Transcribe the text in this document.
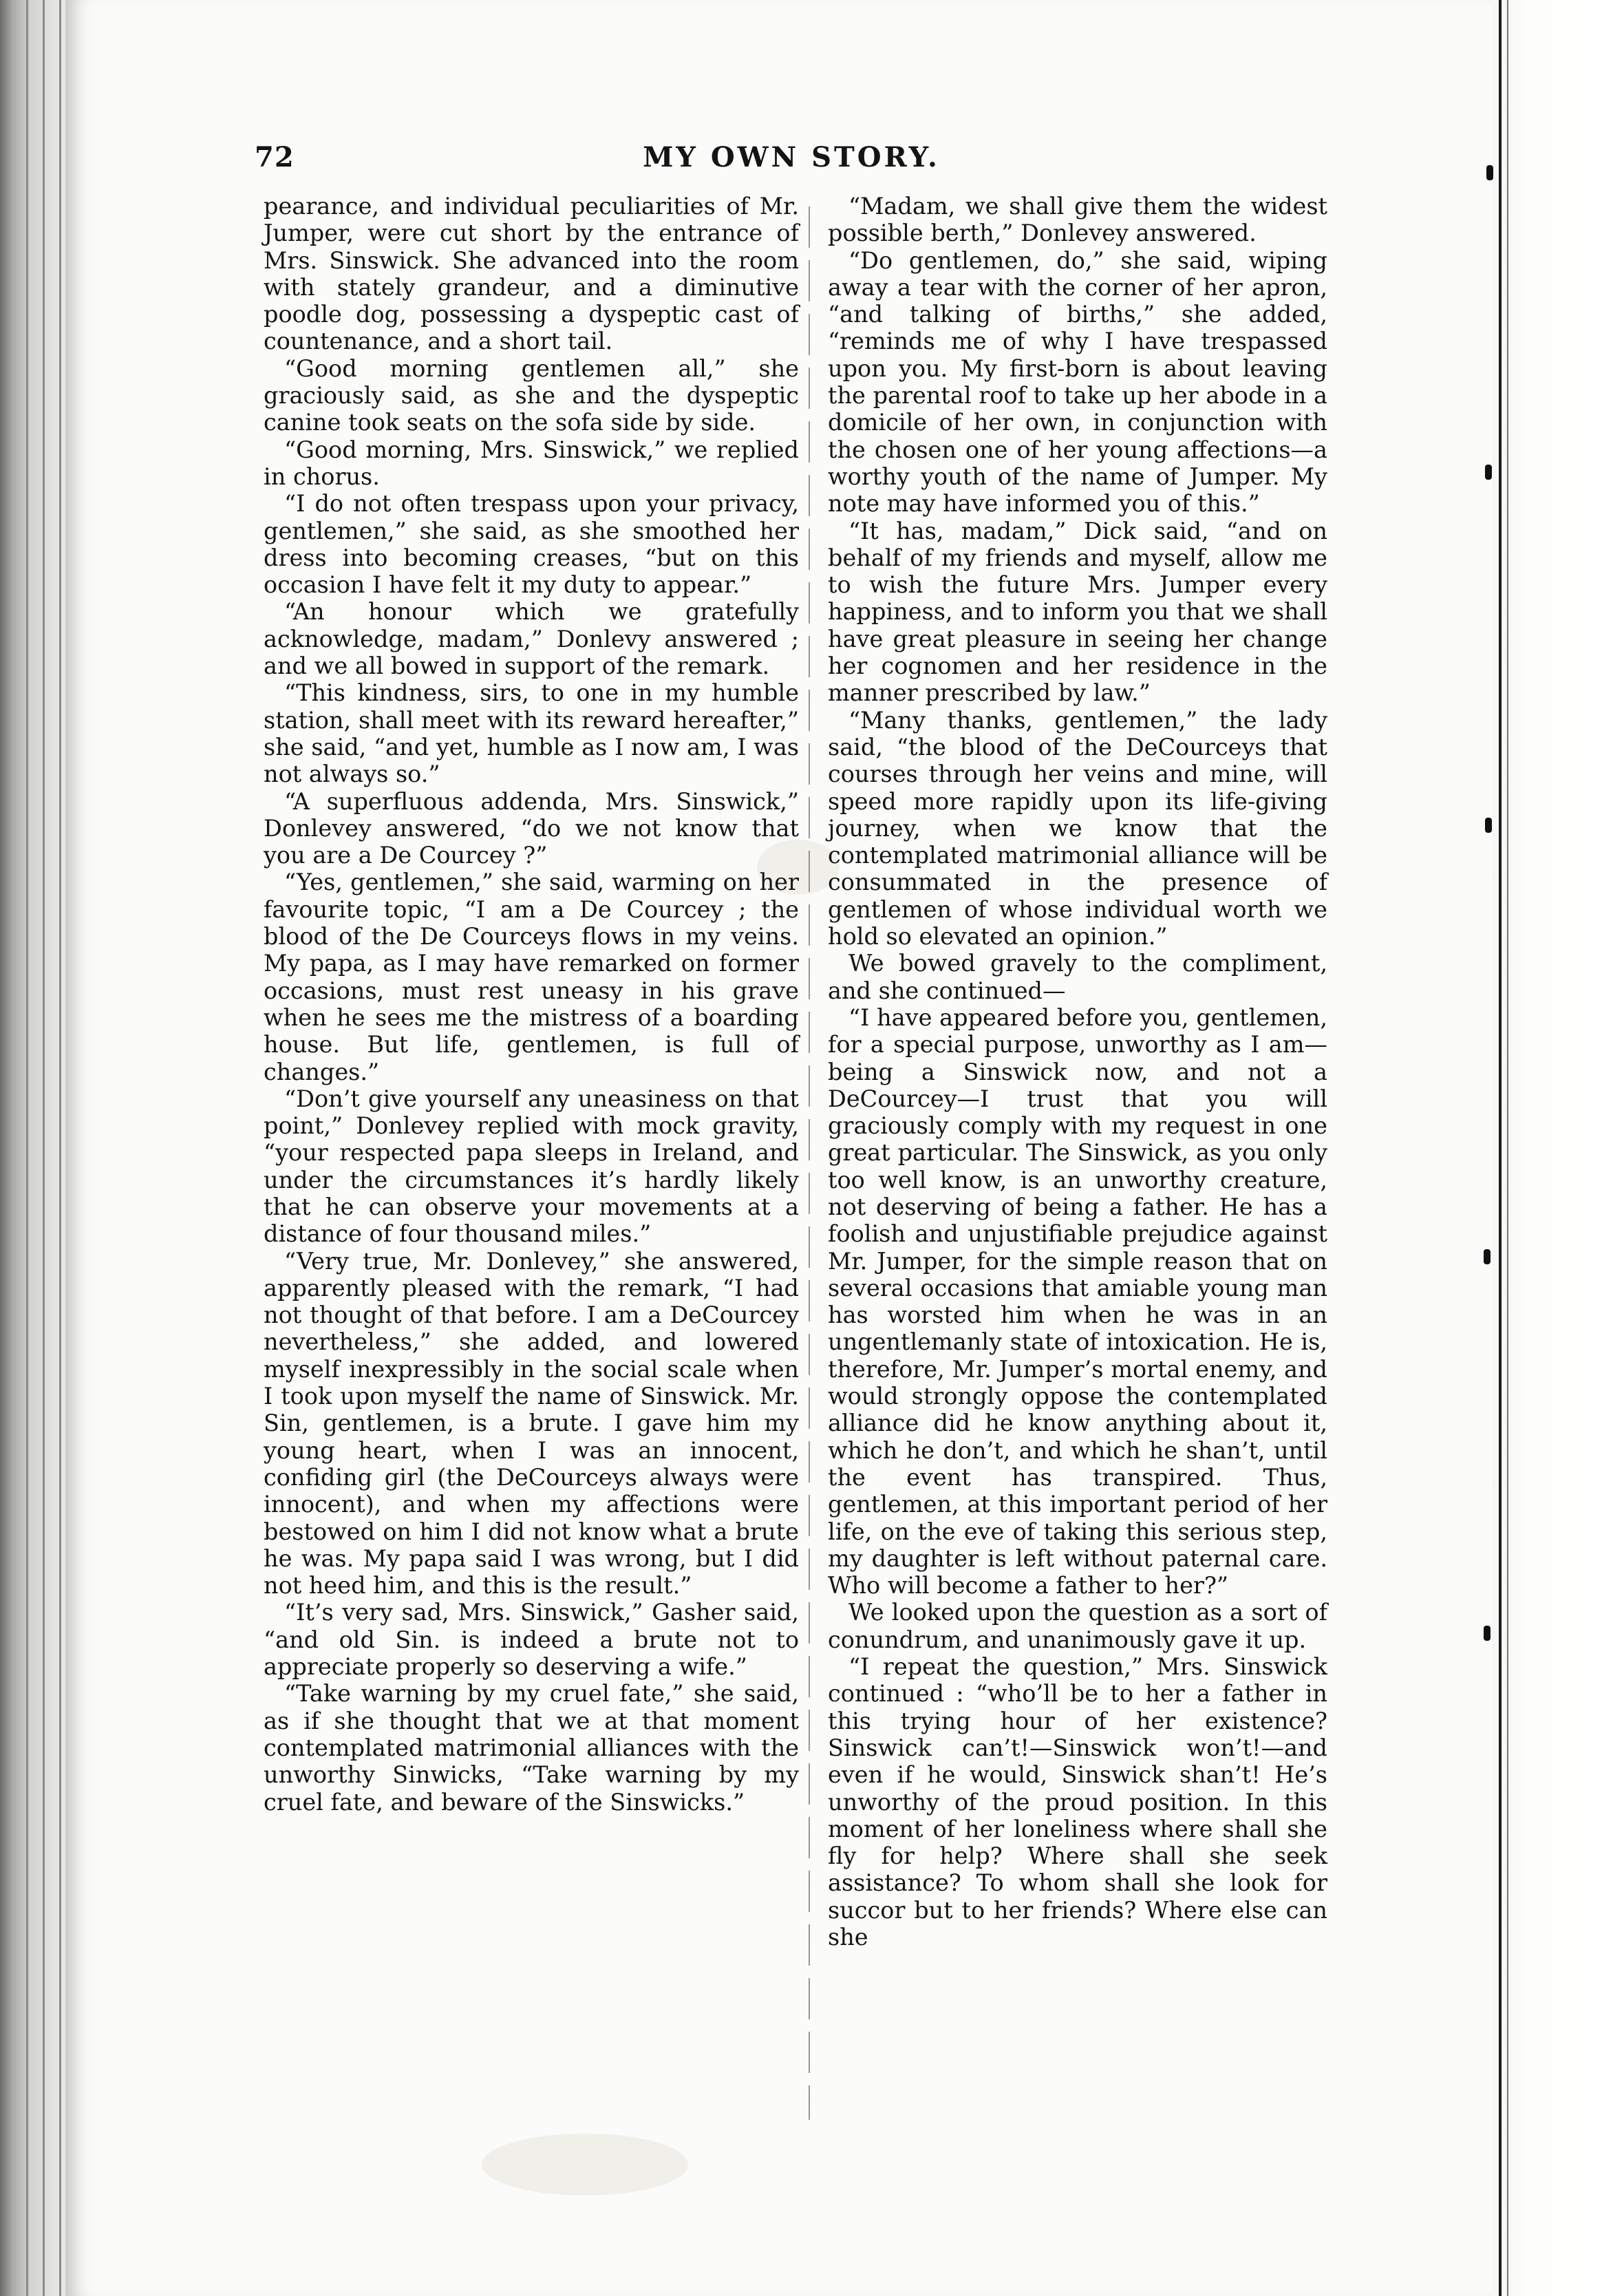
72	MY OWN STORY.

pearance, and individual peculiarities of Mr. Jumper, were cut short by the entrance of Mrs. Sinswick. She advanced into the room with stately grandeur, and a diminutive poodle dog, possessing a dyspeptic cast of countenance, and a short tail.

“Good morning gentlemen all,” she graciously said, as she and the dyspeptic canine took seats on the sofa side by side.

“Good morning, Mrs. Sinswick,” we replied in chorus.

“I do not often trespass upon your privacy, gentlemen,” she said, as she smoothed her dress into becoming creases, “but on this occasion I have felt it my duty to appear.”

“An honour which we gratefully acknowledge, madam,” Donlevy answered ; and we all bowed in support of the remark.

“This kindness, sirs, to one in my humble station, shall meet with its reward hereafter,” she said, “and yet, humble as I now am, I was not always so.”

“A superfluous addenda, Mrs. Sinswick,” Donlevey answered, “do we not know that you are a De Courcey ?”

“Yes, gentlemen,” she said, warming on her favourite topic, “I am a De Courcey ; the blood of the De Courceys flows in my veins. My papa, as I may have remarked on former occasions, must rest uneasy in his grave when he sees me the mistress of a boarding house. But life, gentlemen, is full of changes.”

“Don’t give yourself any uneasiness on that point,” Donlevey replied with mock gravity, “your respected papa sleeps in Ireland, and under the circumstances it’s hardly likely that he can observe your movements at a distance of four thousand miles.”

“Very true, Mr. Donlevey,” she answered, apparently pleased with the remark, “I had not thought of that before. I am a DeCourcey nevertheless,” she added, and lowered myself inexpressibly in the social scale when I took upon myself the name of Sinswick. Mr. Sin, gentlemen, is a brute. I gave him my young heart, when I was an innocent, confiding girl (the DeCourceys always were innocent), and when my affections were bestowed on him I did not know what a brute he was. My papa said I was wrong, but I did not heed him, and this is the result.”

“It’s very sad, Mrs. Sinswick,” Gasher said, “and old Sin. is indeed a brute not to appreciate properly so deserving a wife.”

“Take warning by my cruel fate,” she said, as if she thought that we at that moment contemplated matrimonial alliances with the unworthy Sinwicks, “Take warning by my cruel fate, and beware of the Sinswicks.”

“Madam, we shall give them the widest possible berth,” Donlevey answered.

“Do gentlemen, do,” she said, wiping away a tear with the corner of her apron, “and talking of births,” she added, “reminds me of why I have trespassed upon you. My first-born is about leaving the parental roof to take up her abode in a domicile of her own, in conjunction with the chosen one of her young affections—a worthy youth of the name of Jumper. My note may have informed you of this.”

“It has, madam,” Dick said, “and on behalf of my friends and myself, allow me to wish the future Mrs. Jumper every happiness, and to inform you that we shall have great pleasure in seeing her change her cognomen and her residence in the manner prescribed by law.”

“Many thanks, gentlemen,” the lady said, “the blood of the DeCourceys that courses through her veins and mine, will speed more rapidly upon its life-giving journey, when we know that the contemplated matrimonial alliance will be consummated in the presence of gentlemen of whose individual worth we hold so elevated an opinion.”

We bowed gravely to the compliment, and she continued—

“I have appeared before you, gentlemen, for a special purpose, unworthy as I am—being a Sinswick now, and not a DeCourcey—I trust that you will graciously comply with my request in one great particular. The Sinswick, as you only too well know, is an unworthy creature, not deserving of being a father. He has a foolish and unjustifiable prejudice against Mr. Jumper, for the simple reason that on several occasions that amiable young man has worsted him when he was in an ungentlemanly state of intoxication. He is, therefore, Mr. Jumper’s mortal enemy, and would strongly oppose the contemplated alliance did he know anything about it, which he don’t, and which he shan’t, until the event has transpired. Thus, gentlemen, at this important period of her life, on the eve of taking this serious step, my daughter is left without paternal care. Who will become a father to her?”

We looked upon the question as a sort of conundrum, and unanimously gave it up.

“I repeat the question,” Mrs. Sinswick continued : “who’ll be to her a father in this trying hour of her existence? Sinswick can’t!—Sinswick won’t!—and even if he would, Sinswick shan’t! He’s unworthy of the proud position. In this moment of her loneliness where shall she fly for help? Where shall she seek assistance? To whom shall she look for succor but to her friends? Where else can she
